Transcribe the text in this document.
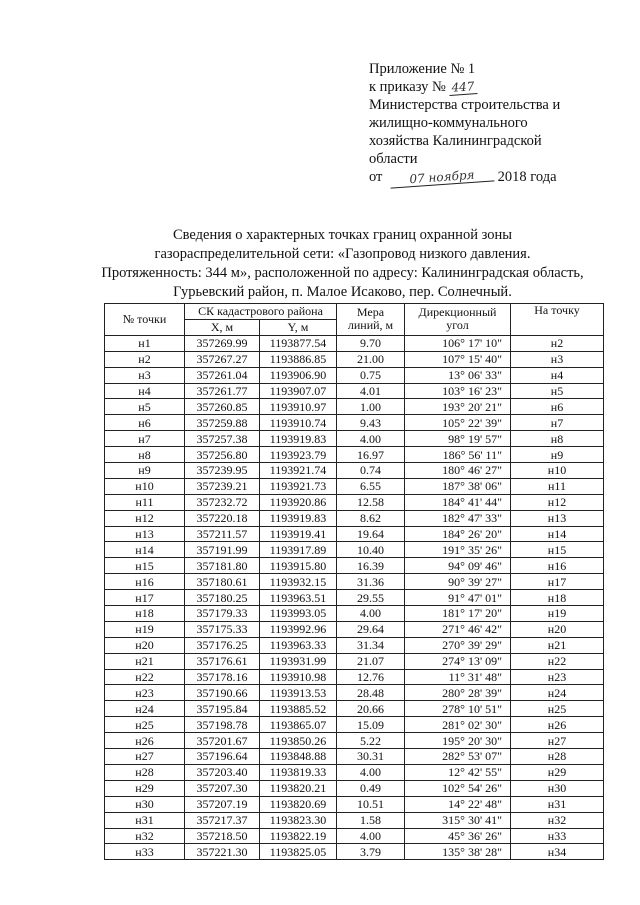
Приложение № 1
к приказу № 447
Министерства строительства и
жилищно-коммунального
хозяйства Калининградской
области
от 07 ноября 2018 года
Сведения о характерных точках границ охранной зоны
газораспределительной сети: «Газопровод низкого давления.
Протяженность: 344 м», расположенной по адресу: Калининградская область,
Гурьевский район, п. Малое Исаково, пер. Солнечный.
№ точки	СК кадастрового района		Мера линий, м	Дирекционный угол	На точку
	X, м	Y, м			
н1	357269.99	1193877.54	9.70	106° 17' 10"	н2
н2	357267.27	1193886.85	21.00	107° 15' 40"	н3
н3	357261.04	1193906.90	0.75	13° 06' 33"	н4
н4	357261.77	1193907.07	4.01	103° 16' 23"	н5
н5	357260.85	1193910.97	1.00	193° 20' 21"	н6
н6	357259.88	1193910.74	9.43	105° 22' 39"	н7
н7	357257.38	1193919.83	4.00	98° 19' 57"	н8
н8	357256.80	1193923.79	16.97	186° 56' 11"	н9
н9	357239.95	1193921.74	0.74	180° 46' 27"	н10
н10	357239.21	1193921.73	6.55	187° 38' 06"	н11
н11	357232.72	1193920.86	12.58	184° 41' 44"	н12
н12	357220.18	1193919.83	8.62	182° 47' 33"	н13
н13	357211.57	1193919.41	19.64	184° 26' 20"	н14
н14	357191.99	1193917.89	10.40	191° 35' 26"	н15
н15	357181.80	1193915.80	16.39	94° 09' 46"	н16
н16	357180.61	1193932.15	31.36	90° 39' 27"	н17
н17	357180.25	1193963.51	29.55	91° 47' 01"	н18
н18	357179.33	1193993.05	4.00	181° 17' 20"	н19
н19	357175.33	1193992.96	29.64	271° 46' 42"	н20
н20	357176.25	1193963.33	31.34	270° 39' 29"	н21
н21	357176.61	1193931.99	21.07	274° 13' 09"	н22
н22	357178.16	1193910.98	12.76	11° 31' 48"	н23
н23	357190.66	1193913.53	28.48	280° 28' 39"	н24
н24	357195.84	1193885.52	20.66	278° 10' 51"	н25
н25	357198.78	1193865.07	15.09	281° 02' 30"	н26
н26	357201.67	1193850.26	5.22	195° 20' 30"	н27
н27	357196.64	1193848.88	30.31	282° 53' 07"	н28
н28	357203.40	1193819.33	4.00	12° 42' 55"	н29
н29	357207.30	1193820.21	0.49	102° 54' 26"	н30
н30	357207.19	1193820.69	10.51	14° 22' 48"	н31
н31	357217.37	1193823.30	1.58	315° 30' 41"	н32
н32	357218.50	1193822.19	4.00	45° 36' 26"	н33
н33	357221.30	1193825.05	3.79	135° 38' 28"	н34
